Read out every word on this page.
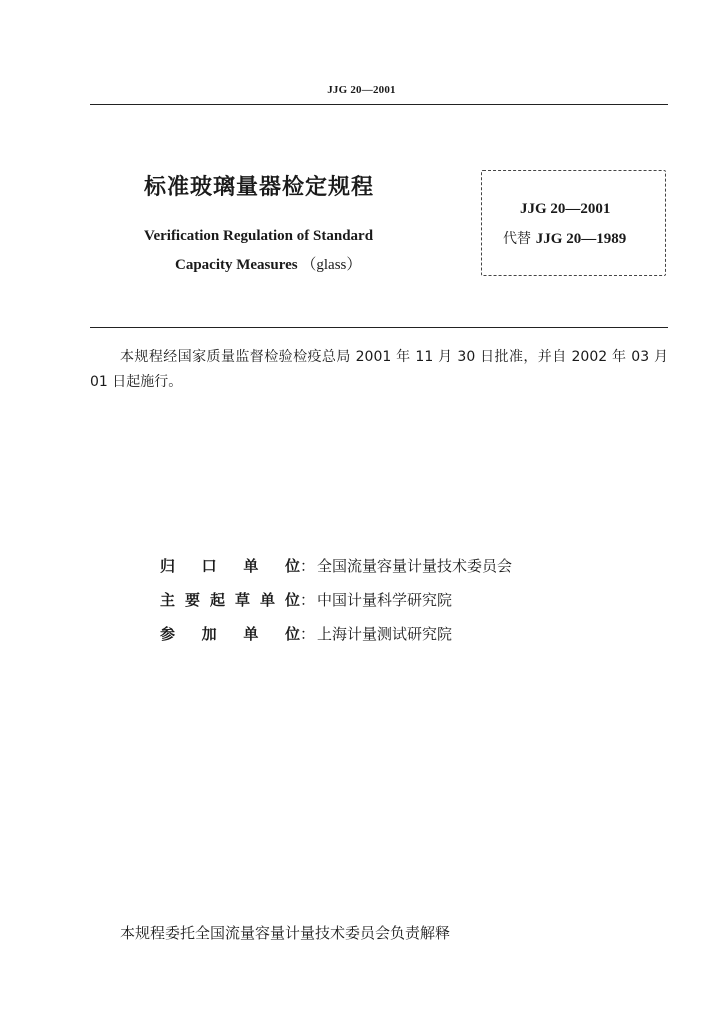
JJG 20—2001
标准玻璃量器检定规程
Verification Regulation of Standard
Capacity Measures （glass）
JJG 20—2001
代替 JJG 20—1989
本规程经国家质量监督检验检疫总局 2001 年 11 月 30 日批准，并自 2002 年 03 月 01 日起施行。
归 口 单 位 ： 全国流量容量计量技术委员会
主 要 起 草 单 位 ： 中国计量科学研究院
参 加 单 位 ： 上海计量测试研究院
本规程委托全国流量容量计量技术委员会负责解释
